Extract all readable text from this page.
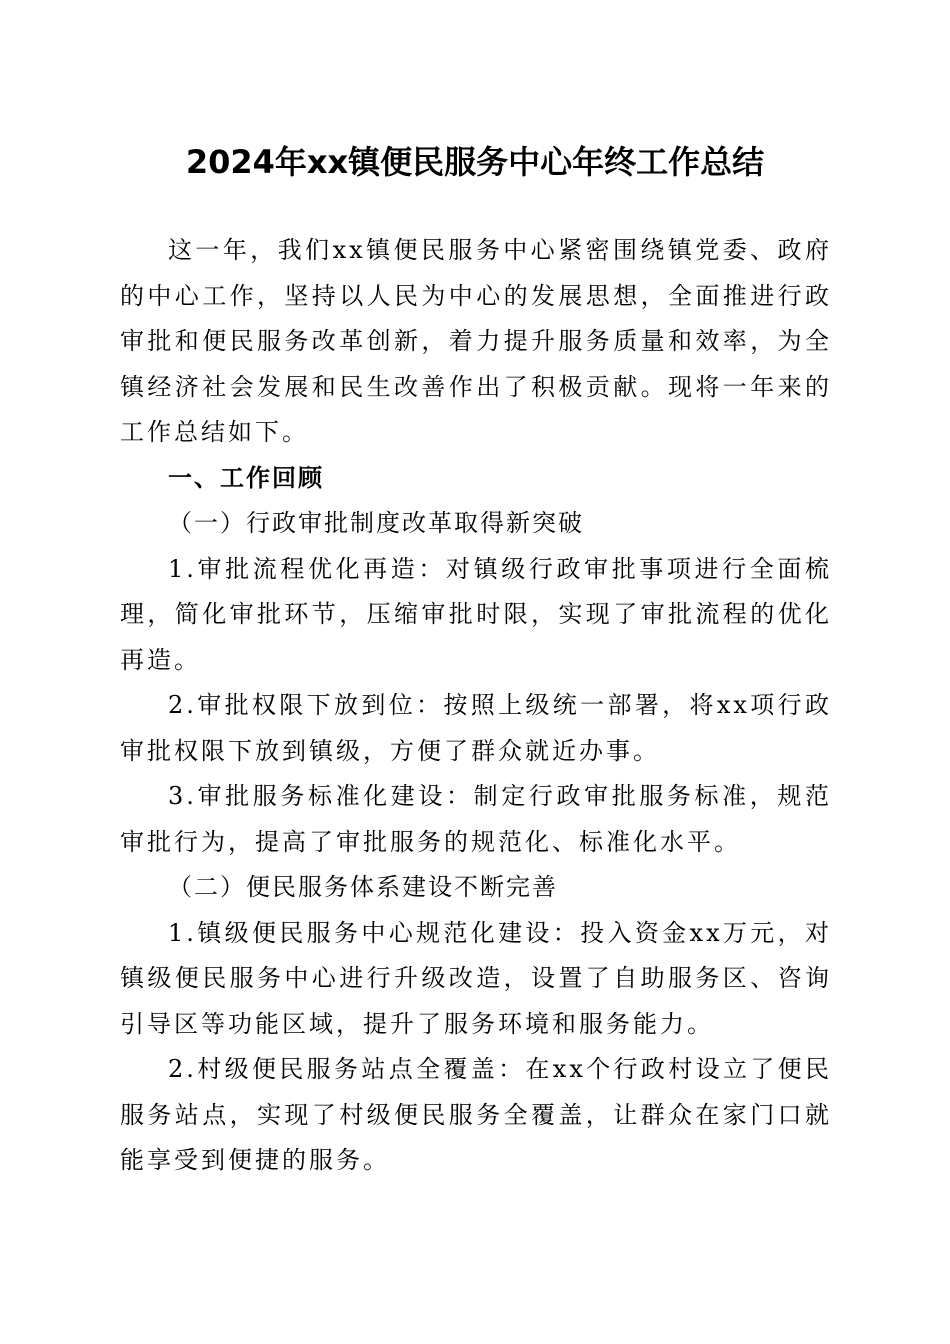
2024年xx镇便民服务中心年终工作总结

这一年，我们xx镇便民服务中心紧密围绕镇党委、政府的中心工作，坚持以人民为中心的发展思想，全面推进行政审批和便民服务改革创新，着力提升服务质量和效率，为全镇经济社会发展和民生改善作出了积极贡献。现将一年来的工作总结如下。

一、工作回顾

（一）行政审批制度改革取得新突破

1.审批流程优化再造：对镇级行政审批事项进行全面梳理，简化审批环节，压缩审批时限，实现了审批流程的优化再造。

2.审批权限下放到位：按照上级统一部署，将xx项行政审批权限下放到镇级，方便了群众就近办事。

3.审批服务标准化建设：制定行政审批服务标准，规范审批行为，提高了审批服务的规范化、标准化水平。

（二）便民服务体系建设不断完善

1.镇级便民服务中心规范化建设：投入资金xx万元，对镇级便民服务中心进行升级改造，设置了自助服务区、咨询引导区等功能区域，提升了服务环境和服务能力。

2.村级便民服务站点全覆盖：在xx个行政村设立了便民服务站点，实现了村级便民服务全覆盖，让群众在家门口就能享受到便捷的服务。
